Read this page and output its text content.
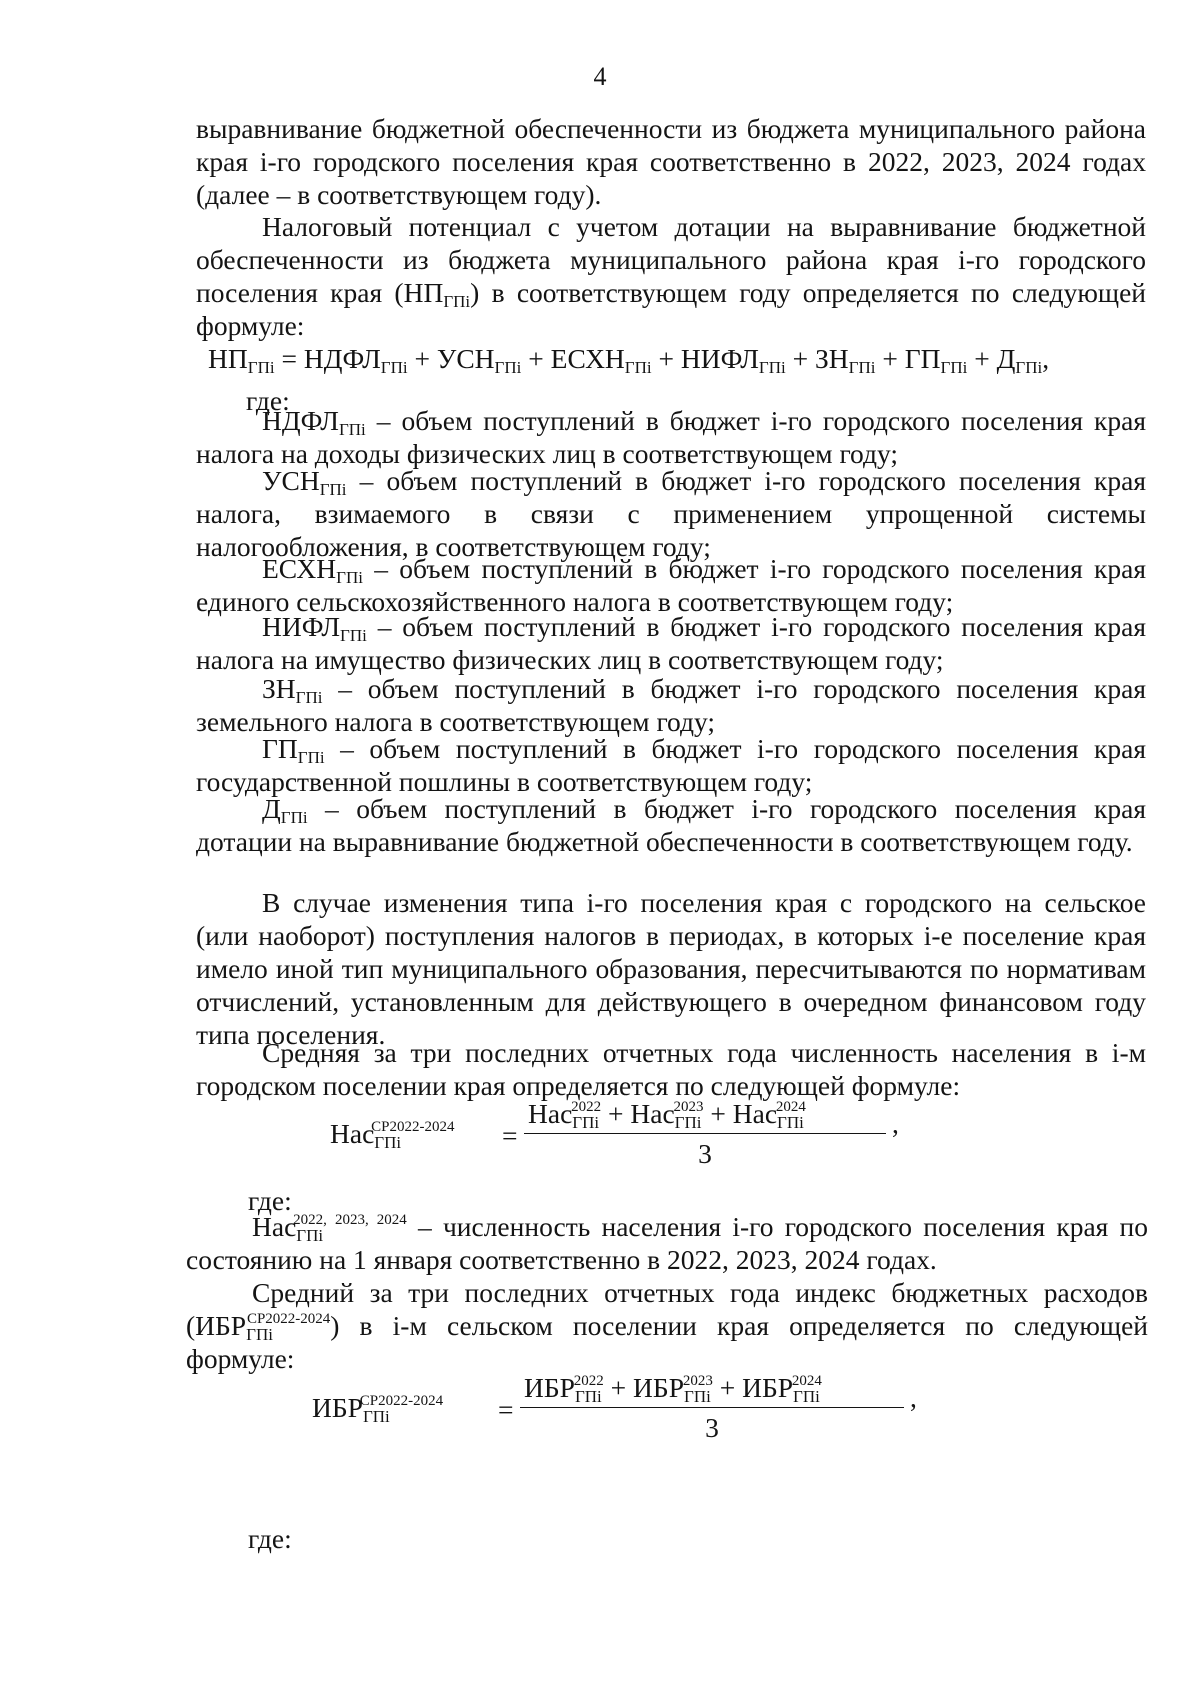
4

выравнивание бюджетной обеспеченности из бюджета муниципального района края i-го городского поселения края соответственно в 2022, 2023, 2024 годах (далее – в соответствующем году).

Налоговый потенциал с учетом дотации на выравнивание бюджетной обеспеченности из бюджета муниципального района края i-го городского поселения края $(НП_{ГПi})$ в соответствующем году определяется по следующей формуле:

$НП_{ГПi}$ = $НДФЛ_{ГПi} + УСН_{ГПi}$ + $ЕСХН_{ГПi}$ + $НИФЛ_{ГПi} + ЗН_{ГПi} + ГП_{ГПi} + Д_{ГПi}$,
где:

$НДФЛ_{ГПi}$ – объем поступлений в бюджет i-го городского поселения края налога на доходы физических лиц в соответствующем году;

$УСН_{ГПi}$ – объем поступлений в бюджет i-го городского поселения края налога, взимаемого в связи с применением упрощенной системы налогообложения, в соответствующем году;

$ЕСХН_{ГПi}$ – объем поступлений в бюджет i-го городского поселения края единого сельскохозяйственного налога в соответствующем году;

$НИФЛ_{ГПi}$ – объем поступлений в бюджет i-го городского поселения края налога на имущество физических лиц в соответствующем году;

$ЗН_{ГПi}$ – объем поступлений в бюджет i-го городского поселения края земельного налога в соответствующем году;

$ГП_{ГПi}$ – объем поступлений в бюджет i-го городского поселения края государственной пошлины в соответствующем году;

$Д_{ГПi}$ – объем поступлений в бюджет i-го городского поселения края дотации на выравнивание бюджетной обеспеченности в соответствующем году.

В случае изменения типа i-го поселения края с городского на сельское (или наоборот) поступления налогов в периодах, в которых i-е поселение края имело иной тип муниципального образования, пересчитываются по нормативам отчислений, установленным для действующего в очередном финансовом году типа поселения.

Средняя за три последних отчетных года численность населения в i-м городском поселении края определяется по следующей формуле:

Нас$_{ГПi}^{СР2022-2024}$ =
Нас$_{ГПi}^{2022}$ + Нас$_{ГПi}^{2023}$ + Нас$_{ГПi}^{2024}$
,
3
где:

Нас$_{ГПi}^{2022, 2023, 2024}$ – численность населения i-го городского поселения края по состоянию на 1 января соответственно в 2022, 2023, 2024 годах.

Средний за три последних отчетных года индекс бюджетных расходов $(ИБР_{ГПi}^{СР2022-2024})$ в i-м сельском поселении края определяется по следующей формуле:

$ИБР_{ГПi}^{СР2022-2024}$ =
$ИБР_{ГПi}^{2022} + ИБР_{ГПi}^{2023} + ИБР_{ГПi}^{2024}$
,
3
где:
